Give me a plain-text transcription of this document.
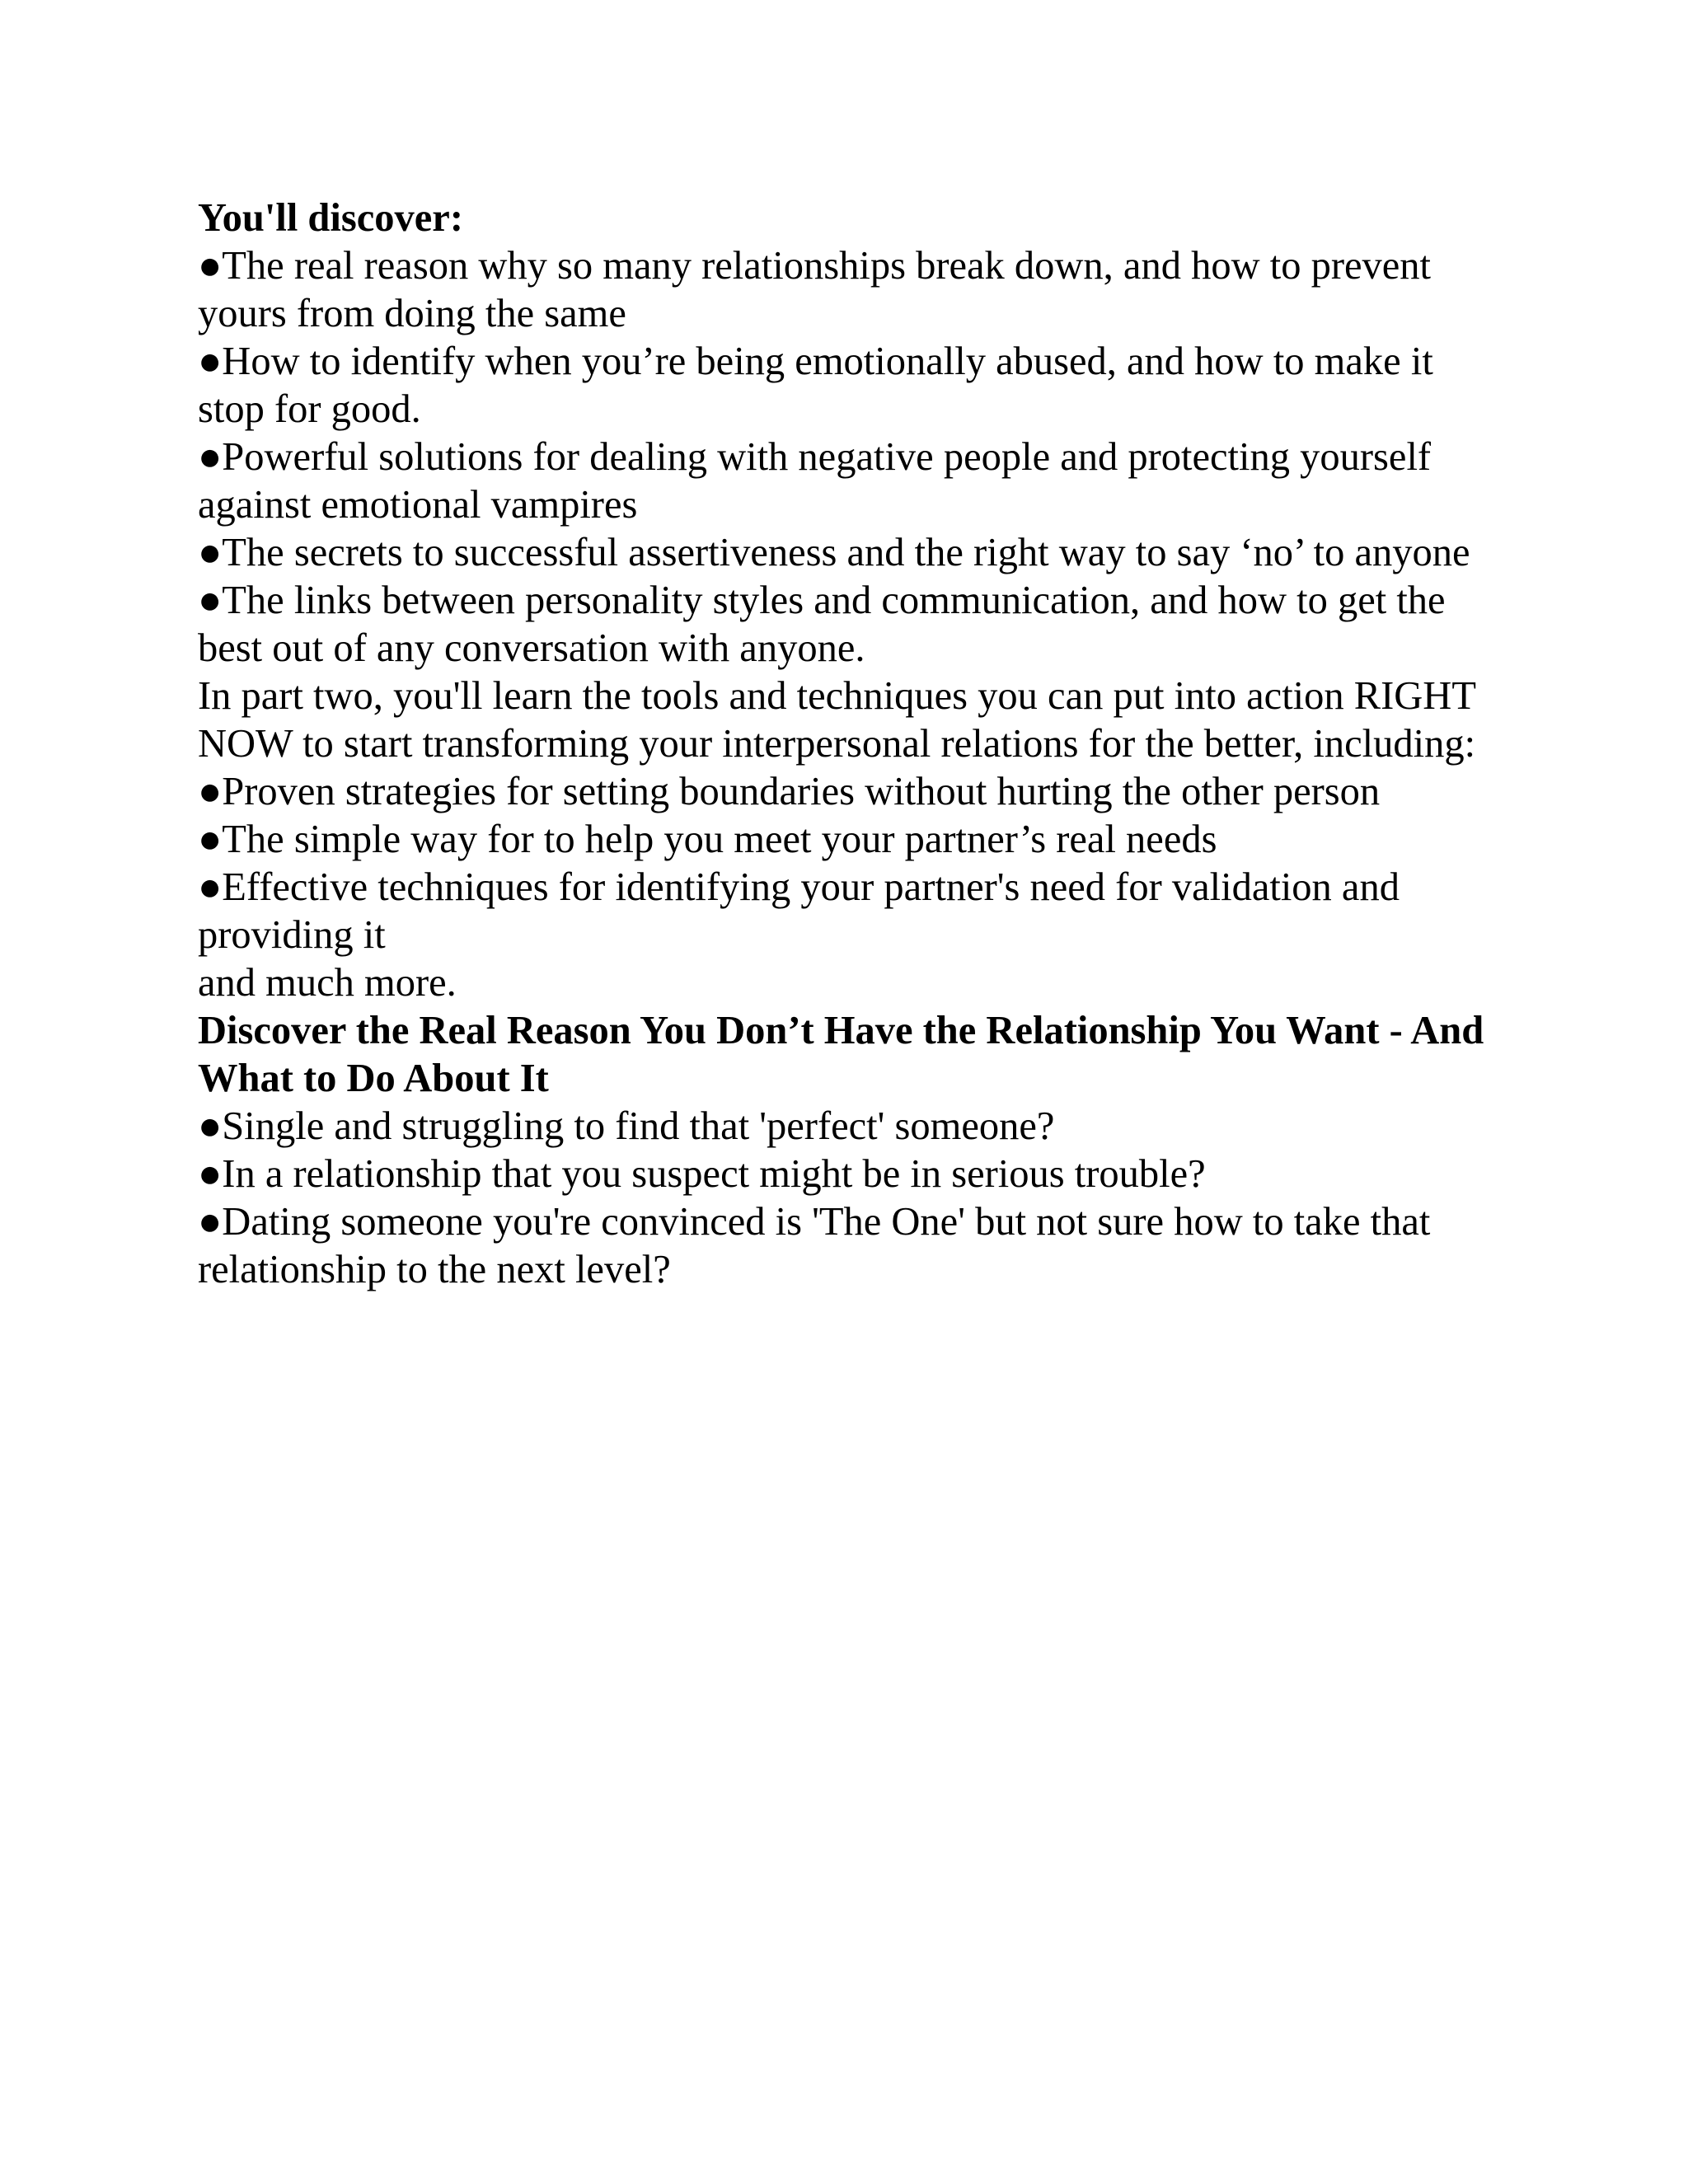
You'll discover:

●The real reason why so many relationships break down, and how to prevent yours from doing the same

●How to identify when you’re being emotionally abused, and how to make it stop for good.

●Powerful solutions for dealing with negative people and protecting yourself against emotional vampires

●The secrets to successful assertiveness and the right way to say ‘no’ to anyone

●The links between personality styles and communication, and how to get the best out of any conversation with anyone.

In part two, you'll learn the tools and techniques you can put into action RIGHT NOW to start transforming your interpersonal relations for the better, including:

●Proven strategies for setting boundaries without hurting the other person

●The simple way for to help you meet your partner’s real needs

●Effective techniques for identifying your partner's need for validation and providing it

and much more.

Discover the Real Reason You Don’t Have the Relationship You Want - And What to Do About It

●Single and struggling to find that 'perfect' someone?

●In a relationship that you suspect might be in serious trouble?

●Dating someone you're convinced is 'The One' but not sure how to take that relationship to the next level?
